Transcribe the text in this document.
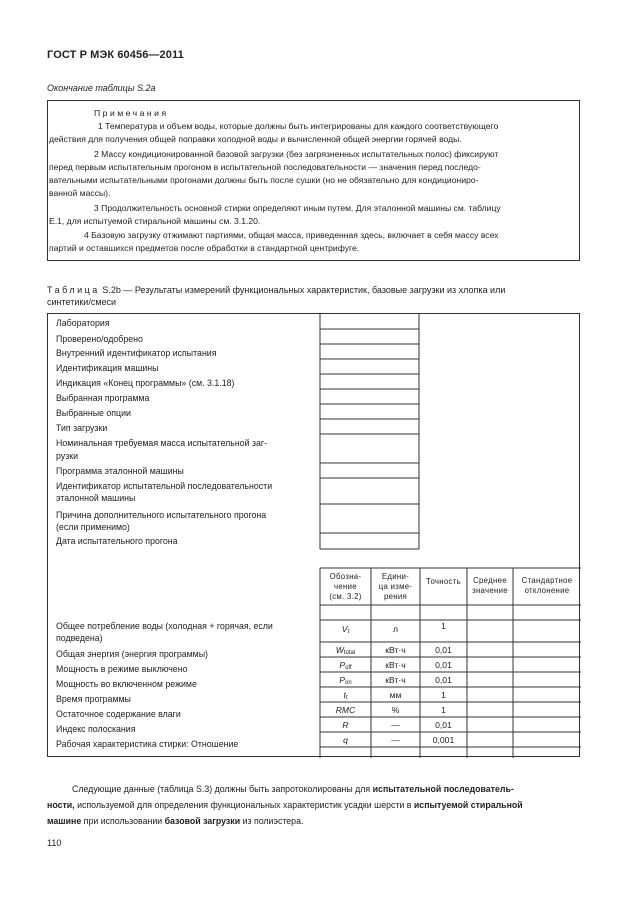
ГОСТ Р МЭК 60456—2011
Окончание таблицы S.2a
Примечания
1 Температура и объем воды, которые должны быть интегрированы для каждого соответствующего
действия для получения общей поправки холодной воды и вычисленной общей энергии горячей воды.
2 Массу кондиционированной базовой загрузки (без загрязненных испытательных полос) фиксируют
перед первым испытательным прогоном в испытательной последовательности — значения перед последо-
вательными испытательными прогонами должны быть после сушки (но не обязательно для кондициониро-
ванной массы).
3 Продолжительность основной стирки определяют иным путем. Для эталонной машины см. таблицу
E.1, для испытуемой стиральной машины см. 3.1.20.
4 Базовую загрузку отжимают партиями, общая масса, приведенная здесь, включает в себя массу всех
партий и оставшихся предметов после обработки в стандартной центрифуге.
Таблица S.2b — Результаты измерений функциональных характеристик, базовые загрузки из хлопка или
синтетики/смеси
Лаборатория
Проверено/одобрено
Внутренний идентификатор испытания
Идентификация машины
Индикация «Конец программы» (см. 3.1.18)
Выбранная программа
Выбранные опции
Тип загрузки
Номинальная требуемая масса испытательной заг-
рузки
Программа эталонной машины
Идентификатор испытательной последовательности
эталонной машины
Причина дополнительного испытательного прогона
(если применимо)
Дата испытательного прогона
Обозна-
чение
(см. 3.2)
Едини-
ца изме-
рения
Точность	Среднее
значение
Стандартное
отклонение
Общее потребление воды (холодная + горячая, если
подведена)
Общая энергия (энергия программы)
Мощность в режиме выключено
Мощность во включенном режиме
Время программы
Остаточное содержание влаги
Индекс полоскания
Рабочая характеристика стирки: Отношение
$V_t$
$W_{total}$
$P_{off}$
$P_{on}$
$t_t$
RMC
R
q
л
кВт·ч
кВт·ч
кВт·ч
мм
%
—
—
1
0,01
0,01
0,01
1
1
0,01
0,001
Следующие данные (таблица S.3) должны быть запротоколированы для испытательной последователь-
ности, используемой для определения функциональных характеристик усадки шерсти в испытуемой стиральной
машине при использовании базовой загрузки из полиэстера.
110
